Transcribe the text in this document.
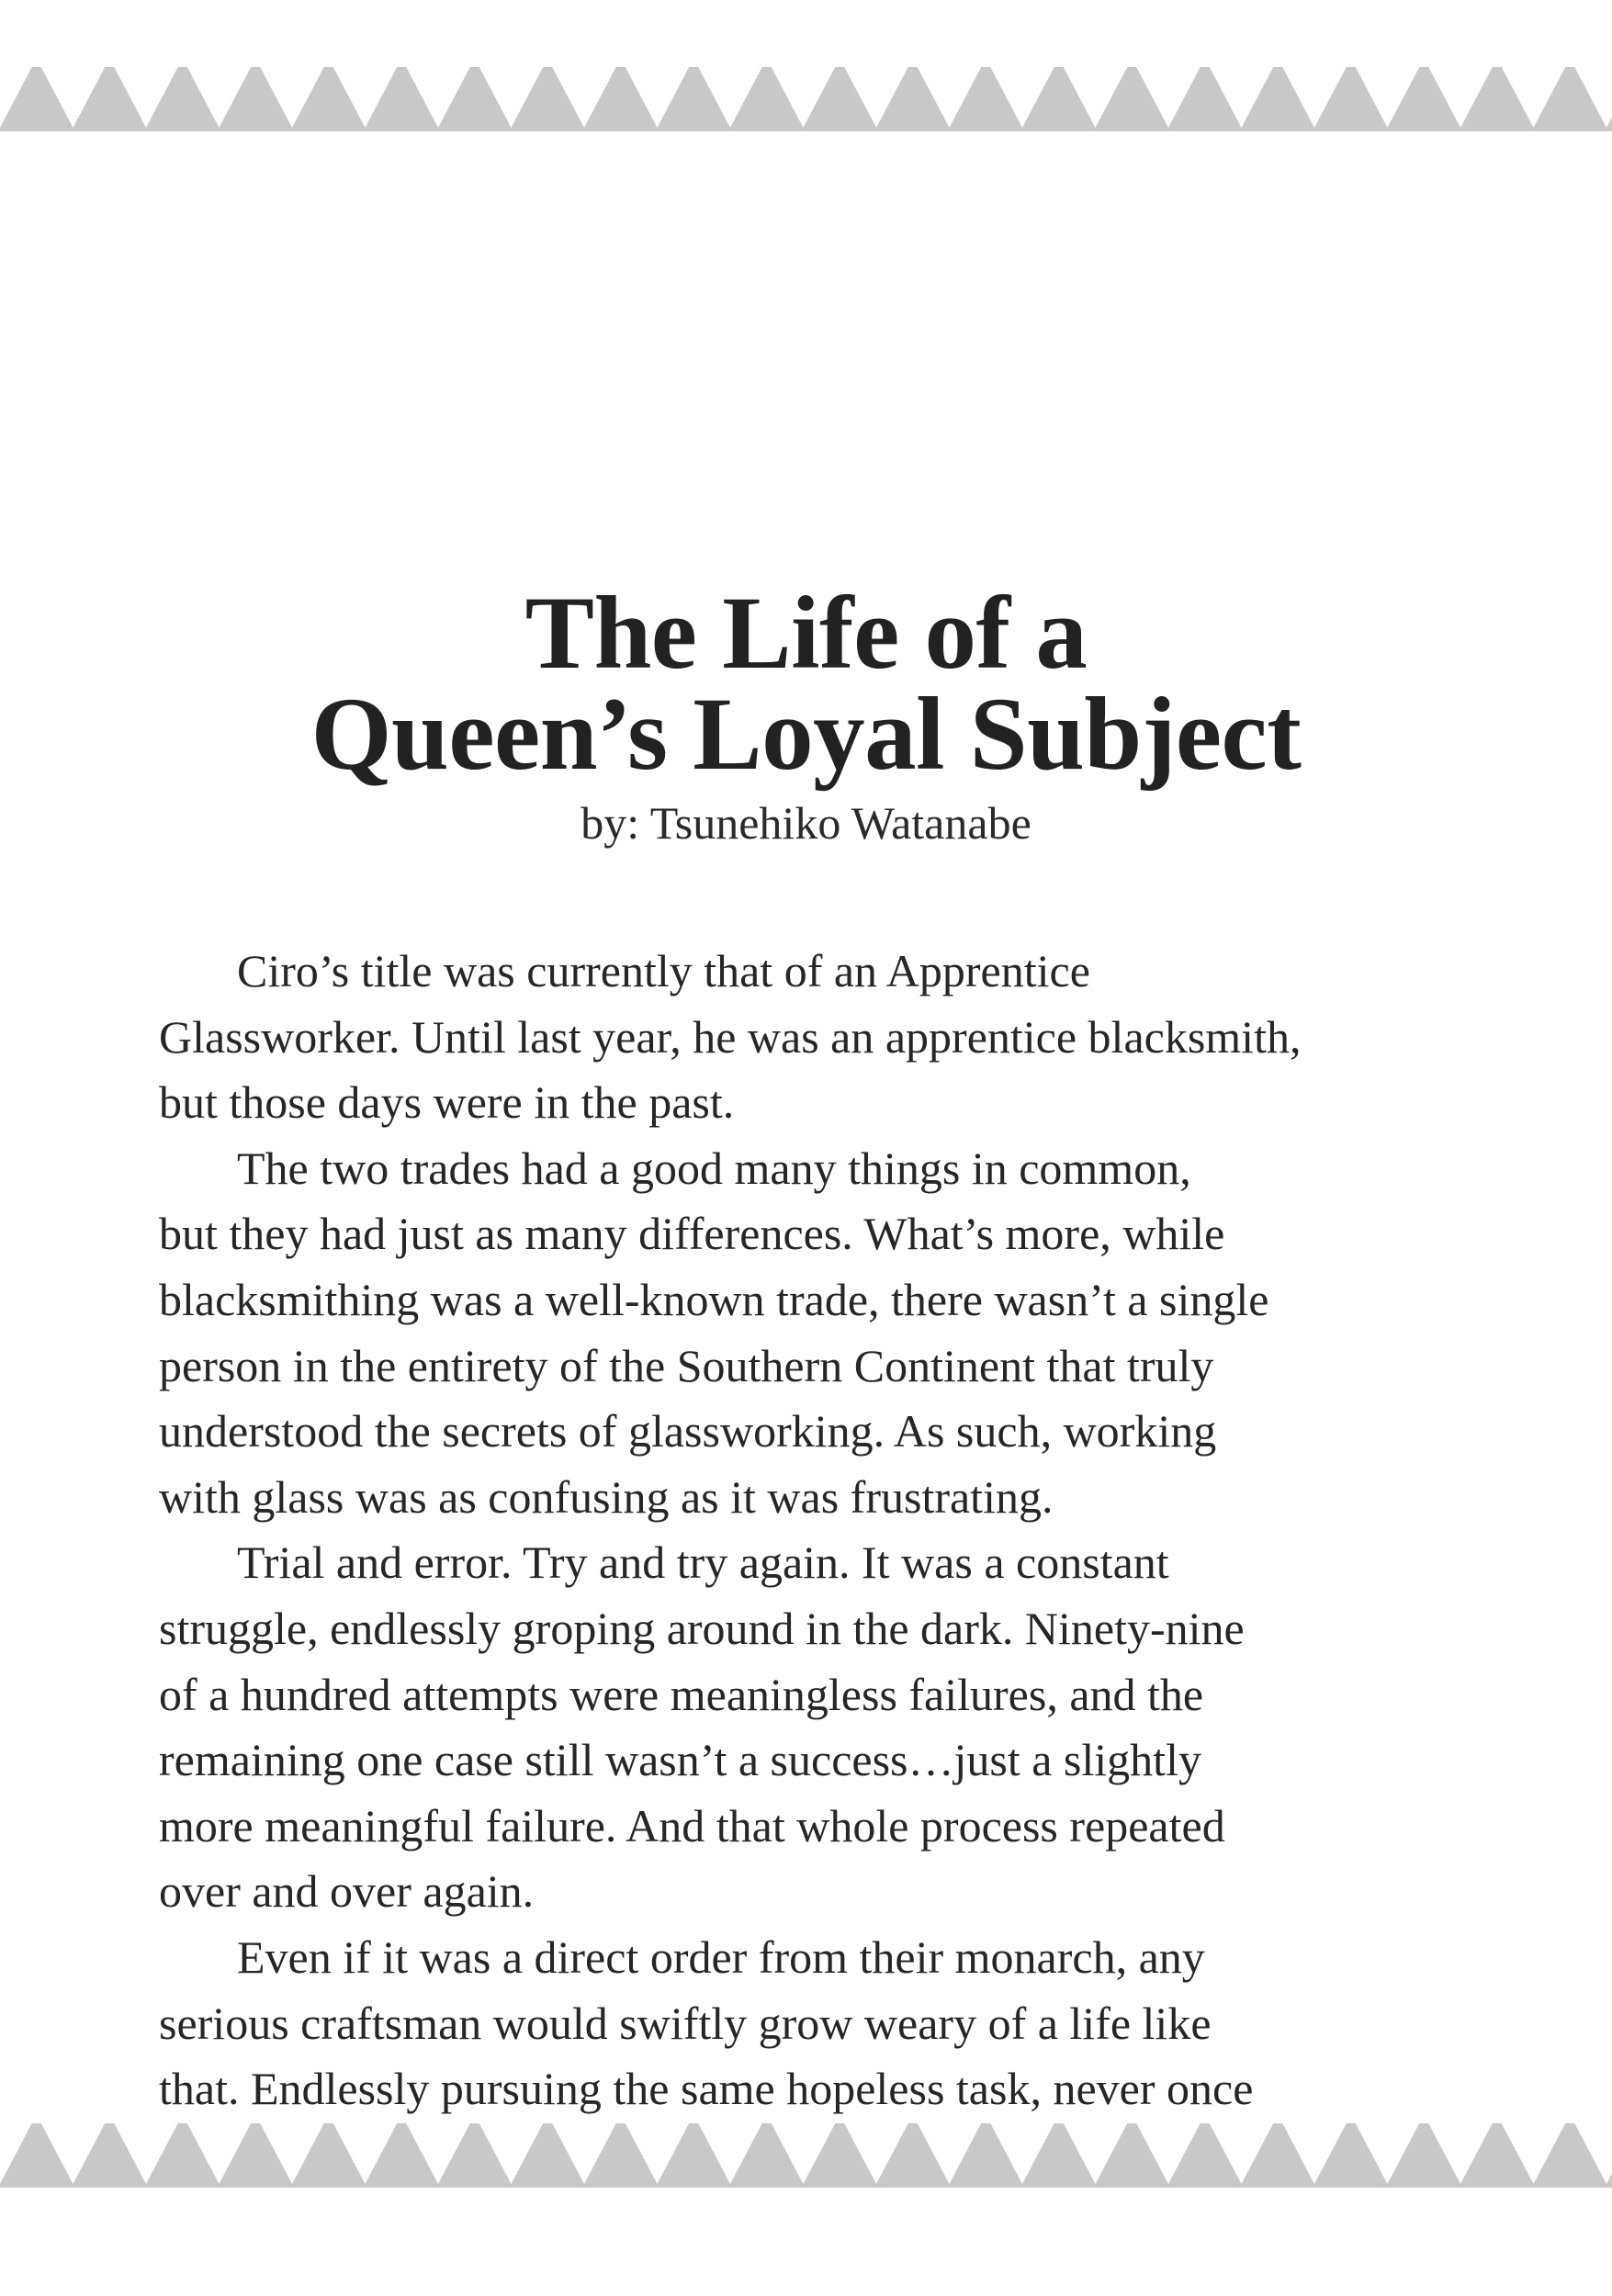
The Life of a
Queen’s Loyal Subject
by: Tsunehiko Watanabe
Ciro’s title was currently that of an Apprentice
Glassworker. Until last year, he was an apprentice blacksmith,
but those days were in the past.
The two trades had a good many things in common,
but they had just as many differences. What’s more, while
blacksmithing was a well-known trade, there wasn’t a single
person in the entirety of the Southern Continent that truly
understood the secrets of glassworking. As such, working
with glass was as confusing as it was frustrating.
Trial and error. Try and try again. It was a constant
struggle, endlessly groping around in the dark. Ninety-nine
of a hundred attempts were meaningless failures, and the
remaining one case still wasn’t a success…just a slightly
more meaningful failure. And that whole process repeated
over and over again.
Even if it was a direct order from their monarch, any
serious craftsman would swiftly grow weary of a life like
that. Endlessly pursuing the same hopeless task, never once
